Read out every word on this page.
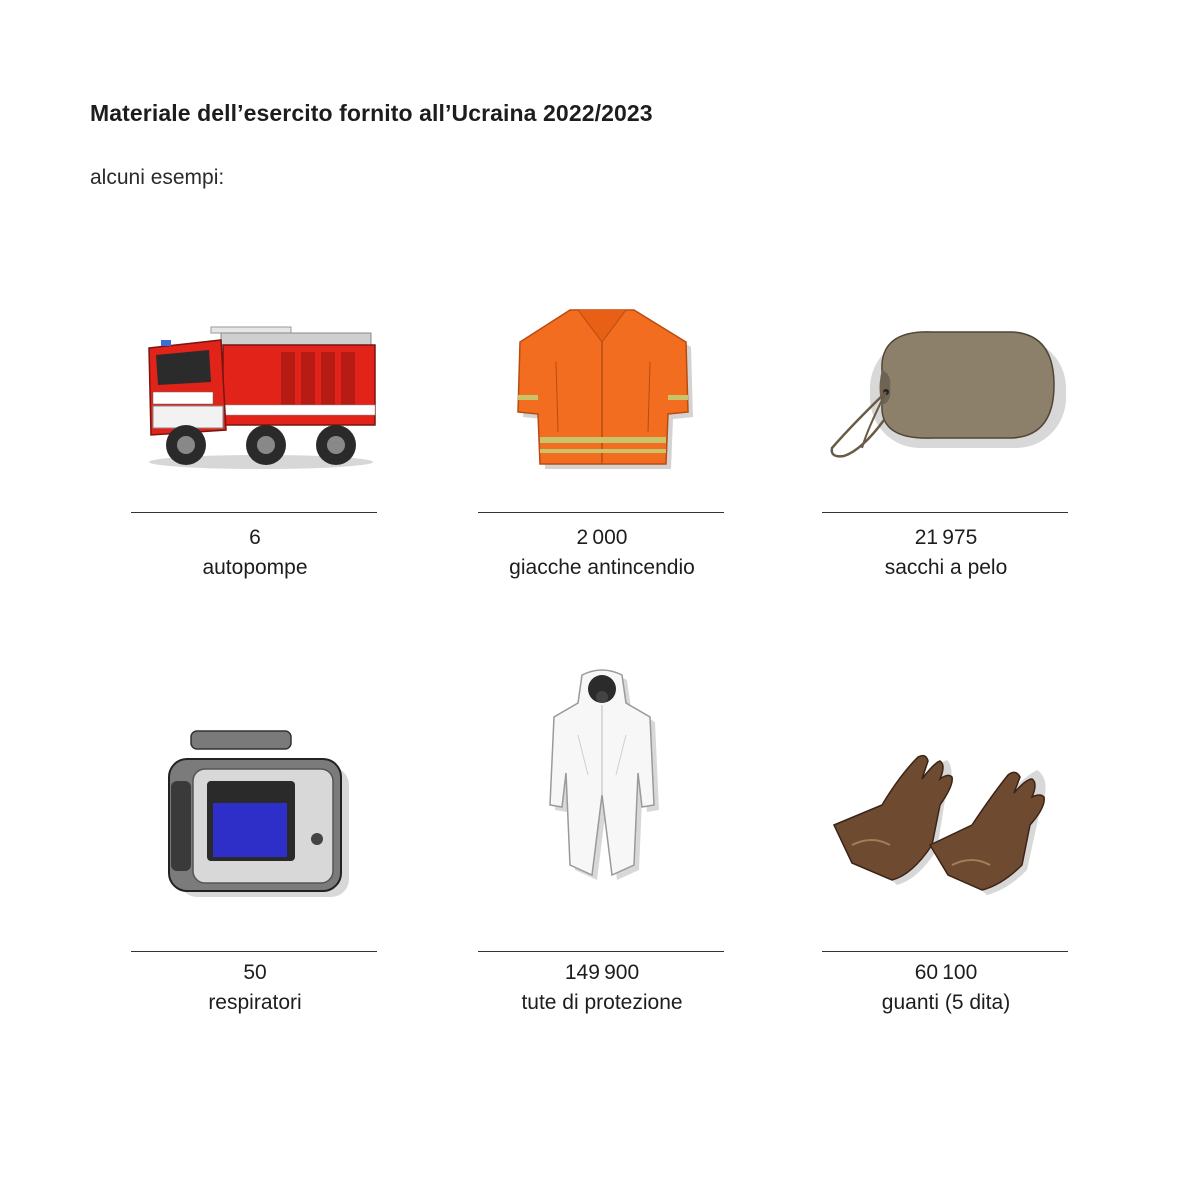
Materiale dell’esercito fornito all’Ucraina 2022/2023
alcuni esempi:
6
autopompe
2 000
giacche antincendio
21 975
sacchi a pelo
50
respiratori
149 900
tute di protezione
60 100
guanti (5 dita)
